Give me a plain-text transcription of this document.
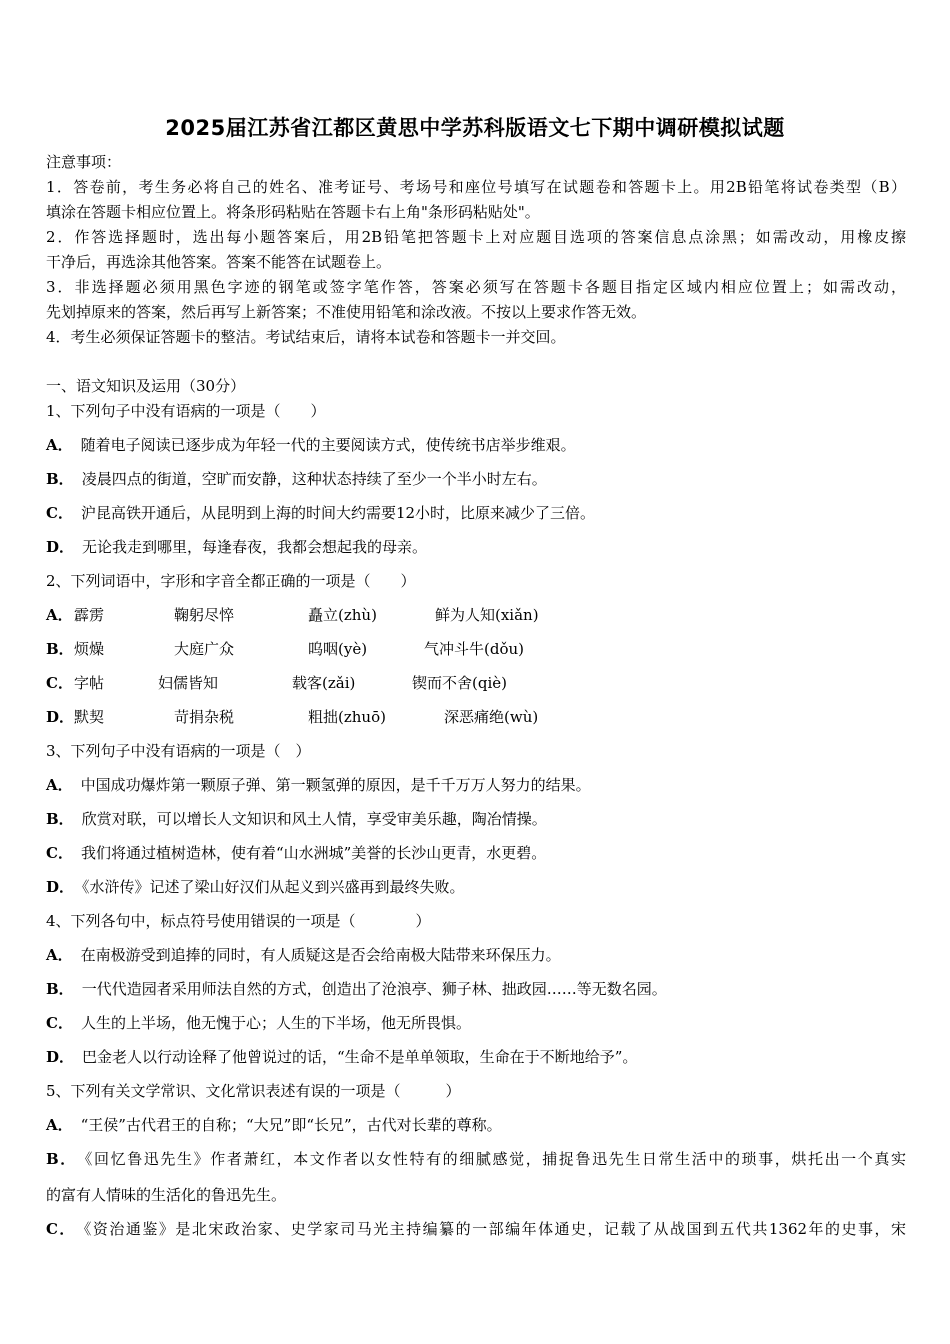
2025届江苏省江都区黄思中学苏科版语文七下期中调研模拟试题
注意事项：
1．答卷前，考生务必将自己的姓名、准考证号、考场号和座位号填写在试题卷和答题卡上。用2B铅笔将试卷类型（B）
填涂在答题卡相应位置上。将条形码粘贴在答题卡右上角"条形码粘贴处"。
2．作答选择题时，选出每小题答案后，用2B铅笔把答题卡上对应题目选项的答案信息点涂黑；如需改动，用橡皮擦
干净后，再选涂其他答案。答案不能答在试题卷上。
3．非选择题必须用黑色字迹的钢笔或签字笔作答，答案必须写在答题卡各题目指定区域内相应位置上；如需改动，
先划掉原来的答案，然后再写上新答案；不准使用铅笔和涂改液。不按以上要求作答无效。
4．考生必须保证答题卡的整洁。考试结束后，请将本试卷和答题卡一并交回。
一、语文知识及运用（30分）
1、下列句子中没有语病的一项是（　　）
A． 随着电子阅读已逐步成为年轻一代的主要阅读方式，使传统书店举步维艰。
B． 凌晨四点的街道，空旷而安静，这种状态持续了至少一个半小时左右。
C． 沪昆高铁开通后，从昆明到上海的时间大约需要12小时，比原来减少了三倍。
D． 无论我走到哪里，每逢春夜，我都会想起我的母亲。
2、下列词语中，字形和字音全都正确的一项是（　　）
A． 霹雳	鞠躬尽悴	矗立(zhù)	鲜为人知(xiǎn)
B． 烦燥	大庭广众	呜咽(yè)	气冲斗牛(dǒu)
C． 字帖	妇儒皆知	载客(zǎi)	锲而不舍(qiè)
D． 默契	苛捐杂税	粗拙(zhuō)	深恶痛绝(wù)
3、下列句子中没有语病的一项是（　）
A． 中国成功爆炸第一颗原子弹、第一颗氢弹的原因，是千千万万人努力的结果。
B． 欣赏对联，可以增长人文知识和风土人情，享受审美乐趣，陶冶情操。
C． 我们将通过植树造林，使有着“山水洲城”美誉的长沙山更青，水更碧。
D． 《水浒传》记述了梁山好汉们从起义到兴盛再到最终失败。
4、下列各句中，标点符号使用错误的一项是（　　　　）
A． 在南极游受到追捧的同时，有人质疑这是否会给南极大陆带来环保压力。
B． 一代代造园者采用师法自然的方式，创造出了沧浪亭、狮子林、拙政园……等无数名园。
C． 人生的上半场，他无愧于心；人生的下半场，他无所畏惧。
D． 巴金老人以行动诠释了他曾说过的话，“生命不是单单领取，生命在于不断地给予”。
5、下列有关文学常识、文化常识表述有误的一项是（　　　）
A． “王侯”古代君王的自称；“大兄”即“长兄”，古代对长辈的尊称。
B． 《回忆鲁迅先生》作者萧红，本文作者以女性特有的细腻感觉，捕捉鲁迅先生日常生活中的琐事，烘托出一个真实
的富有人情味的生活化的鲁迅先生。
C． 《资治通鉴》是北宋政治家、史学家司马光主持编纂的一部编年体通史，记载了从战国到五代共1362年的史事，宋
